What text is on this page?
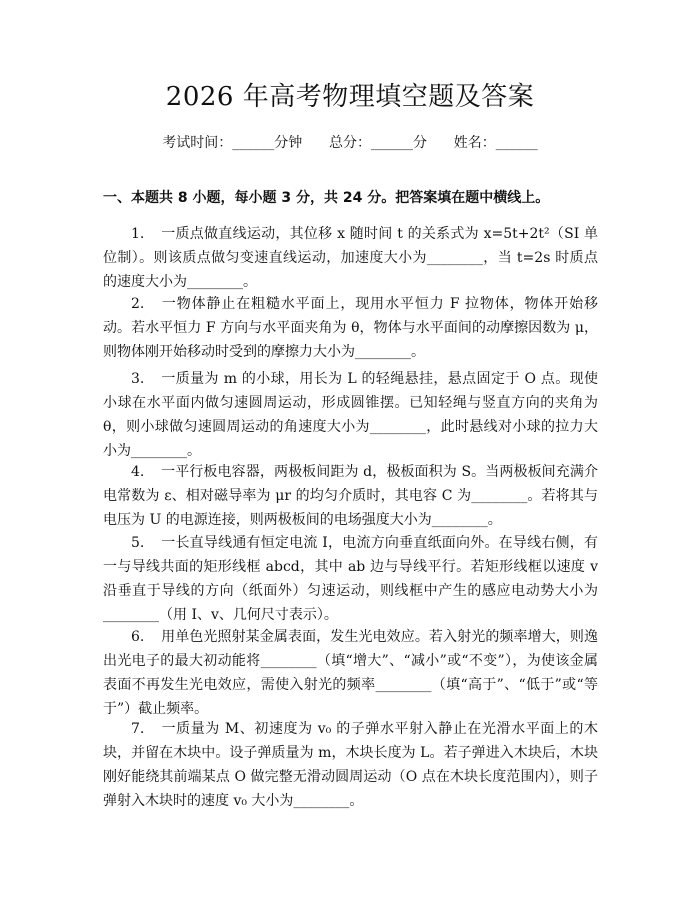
2026 年高考物理填空题及答案
考试时间：______分钟      总分：______分      姓名：______
一、本题共 8 小题，每小题 3 分，共 24 分。把答案填在题中横线上。
1. 一质点做直线运动，其位移 x 随时间 t 的关系式为 x=5t+2t²（SI 单位制）。则该质点做匀变速直线运动，加速度大小为________，当 t=2s 时质点的速度大小为________。
2. 一物体静止在粗糙水平面上，现用水平恒力 F 拉物体，物体开始移动。若水平恒力 F 方向与水平面夹角为 θ，物体与水平面间的动摩擦因数为 μ，则物体刚开始移动时受到的摩擦力大小为________。
3. 一质量为 m 的小球，用长为 L 的轻绳悬挂，悬点固定于 O 点。现使小球在水平面内做匀速圆周运动，形成圆锥摆。已知轻绳与竖直方向的夹角为 θ，则小球做匀速圆周运动的角速度大小为________，此时悬线对小球的拉力大小为________。
4. 一平行板电容器，两极板间距为 d，极板面积为 S。当两极板间充满介电常数为 ε、相对磁导率为 μr 的均匀介质时，其电容 C 为________。若将其与电压为 U 的电源连接，则两极板间的电场强度大小为________。
5. 一长直导线通有恒定电流 I，电流方向垂直纸面向外。在导线右侧，有一与导线共面的矩形线框 abcd，其中 ab 边与导线平行。若矩形线框以速度 v 沿垂直于导线的方向（纸面外）匀速运动，则线框中产生的感应电动势大小为________（用 I、v、几何尺寸表示）。
6. 用单色光照射某金属表面，发生光电效应。若入射光的频率增大，则逸出光电子的最大初动能将________（填“增大”、“减小”或“不变”），为使该金属表面不再发生光电效应，需使入射光的频率________（填“高于”、“低于”或“等于”）截止频率。
7. 一质量为 M、初速度为 v₀ 的子弹水平射入静止在光滑水平面上的木块，并留在木块中。设子弹质量为 m，木块长度为 L。若子弹进入木块后，木块刚好能绕其前端某点 O 做完整无滑动圆周运动（O 点在木块长度范围内），则子弹射入木块时的速度 v₀ 大小为________。
